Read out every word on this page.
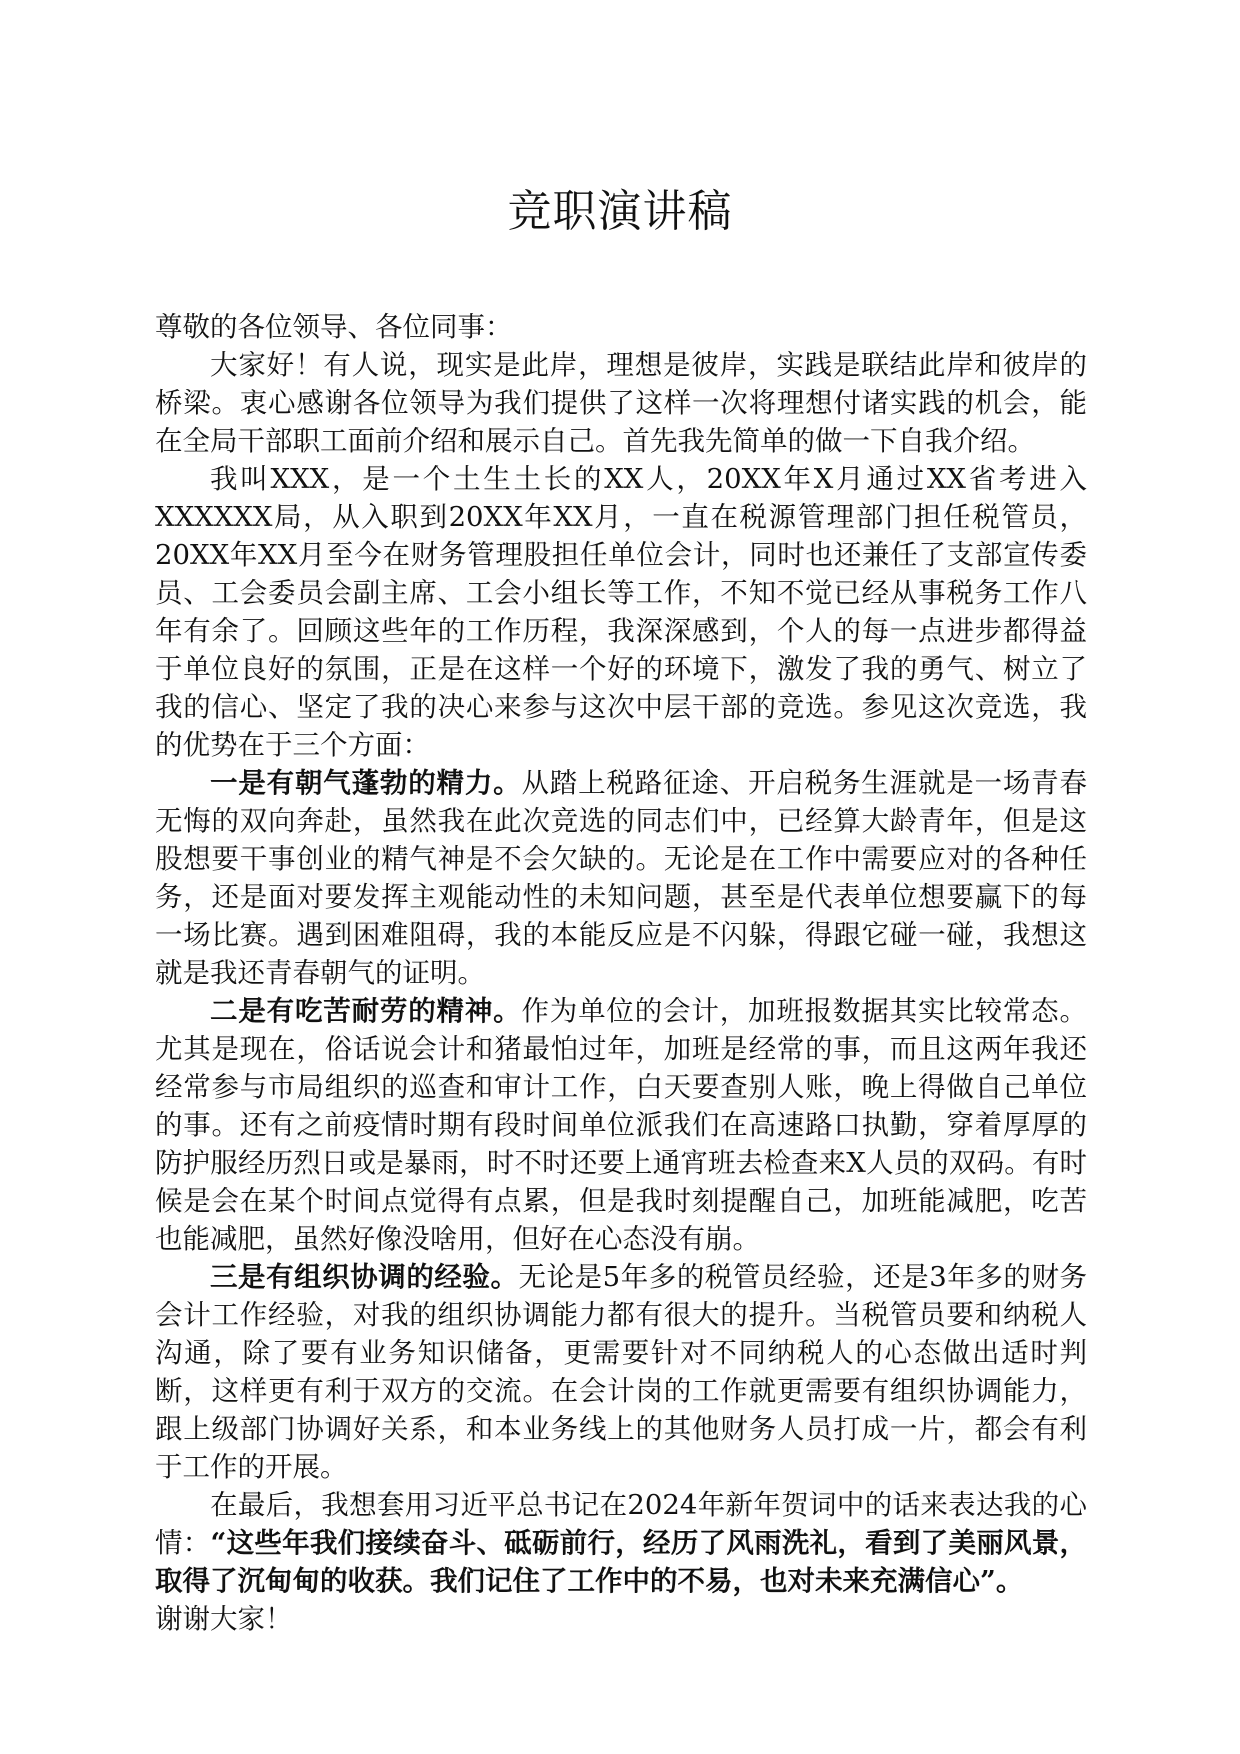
竞职演讲稿

尊敬的各位领导、各位同事：

大家好！有人说，现实是此岸，理想是彼岸，实践是联结此岸和彼岸的桥梁。衷心感谢各位领导为我们提供了这样一次将理想付诸实践的机会，能在全局干部职工面前介绍和展示自己。首先我先简单的做一下自我介绍。

我叫XXX，是一个土生土长的XX人，20XX年X月通过XX省考进入XXXXXX局，从入职到20XX年XX月，一直在税源管理部门担任税管员，20XX年XX月至今在财务管理股担任单位会计，同时也还兼任了支部宣传委员、工会委员会副主席、工会小组长等工作，不知不觉已经从事税务工作八年有余了。回顾这些年的工作历程，我深深感到，个人的每一点进步都得益于单位良好的氛围，正是在这样一个好的环境下，激发了我的勇气、树立了我的信心、坚定了我的决心来参与这次中层干部的竞选。参见这次竞选，我的优势在于三个方面：

一是有朝气蓬勃的精力。从踏上税路征途、开启税务生涯就是一场青春无悔的双向奔赴，虽然我在此次竞选的同志们中，已经算大龄青年，但是这股想要干事创业的精气神是不会欠缺的。无论是在工作中需要应对的各种任务，还是面对要发挥主观能动性的未知问题，甚至是代表单位想要赢下的每一场比赛。遇到困难阻碍，我的本能反应是不闪躲，得跟它碰一碰，我想这就是我还青春朝气的证明。

二是有吃苦耐劳的精神。作为单位的会计，加班报数据其实比较常态。尤其是现在，俗话说会计和猪最怕过年，加班是经常的事，而且这两年我还经常参与市局组织的巡查和审计工作，白天要查别人账，晚上得做自己单位的事。还有之前疫情时期有段时间单位派我们在高速路口执勤，穿着厚厚的防护服经历烈日或是暴雨，时不时还要上通宵班去检查来X人员的双码。有时候是会在某个时间点觉得有点累，但是我时刻提醒自己，加班能减肥，吃苦也能减肥，虽然好像没啥用，但好在心态没有崩。

三是有组织协调的经验。无论是5年多的税管员经验，还是3年多的财务会计工作经验，对我的组织协调能力都有很大的提升。当税管员要和纳税人沟通，除了要有业务知识储备，更需要针对不同纳税人的心态做出适时判断，这样更有利于双方的交流。在会计岗的工作就更需要有组织协调能力，跟上级部门协调好关系，和本业务线上的其他财务人员打成一片，都会有利于工作的开展。

在最后，我想套用习近平总书记在2024年新年贺词中的话来表达我的心情：“这些年我们接续奋斗、砥砺前行，经历了风雨洗礼，看到了美丽风景，取得了沉甸甸的收获。我们记住了工作中的不易，也对未来充满信心”。

谢谢大家！
